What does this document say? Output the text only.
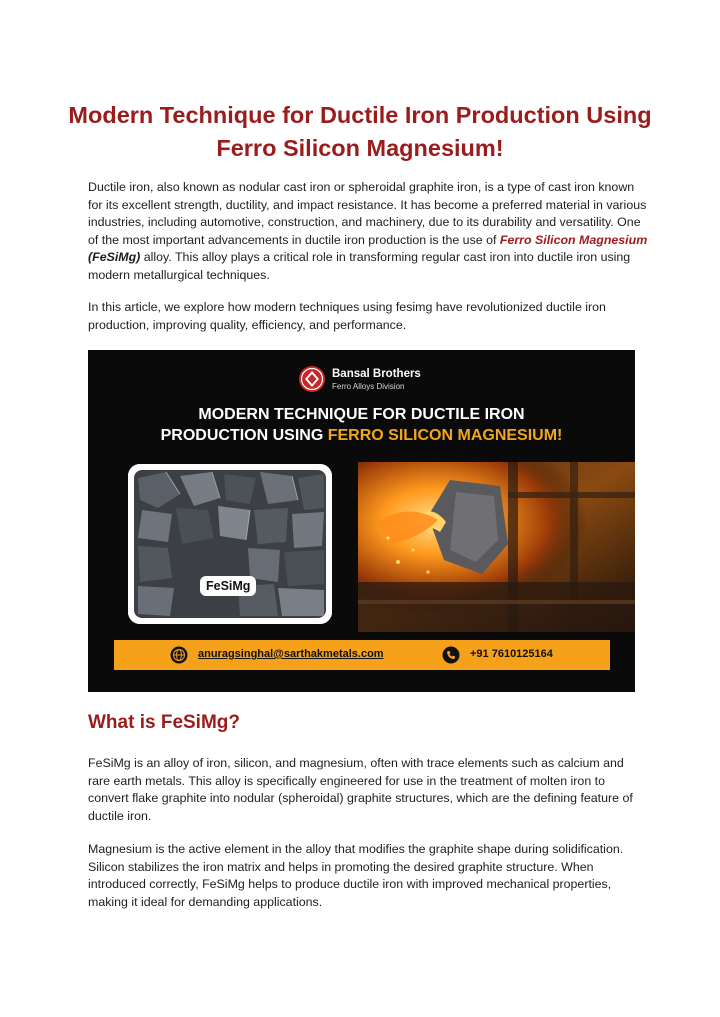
Modern Technique for Ductile Iron Production Using Ferro Silicon Magnesium!

Ductile iron, also known as nodular cast iron or spheroidal graphite iron, is a type of cast iron known for its excellent strength, ductility, and impact resistance. It has become a preferred material in various industries, including automotive, construction, and machinery, due to its durability and versatility. One of the most important advancements in ductile iron production is the use of Ferro Silicon Magnesium (FeSiMg) alloy. This alloy plays a critical role in transforming regular cast iron into ductile iron using modern metallurgical techniques.

In this article, we explore how modern techniques using fesimg have revolutionized ductile iron production, improving quality, efficiency, and performance.

Bansal Brothers
Ferro Alloys Division
MODERN TECHNIQUE FOR DUCTILE IRON
PRODUCTION USING FERRO SILICON MAGNESIUM!
FeSiMg
anuragsinghal@sarthakmetals.com	+91 7610125164
What is FeSiMg?

FeSiMg is an alloy of iron, silicon, and magnesium, often with trace elements such as calcium and rare earth metals. This alloy is specifically engineered for use in the treatment of molten iron to convert flake graphite into nodular (spheroidal) graphite structures, which are the defining feature of ductile iron.

Magnesium is the active element in the alloy that modifies the graphite shape during solidification. Silicon stabilizes the iron matrix and helps in promoting the desired graphite structure. When introduced correctly, FeSiMg helps to produce ductile iron with improved mechanical properties, making it ideal for demanding applications.
